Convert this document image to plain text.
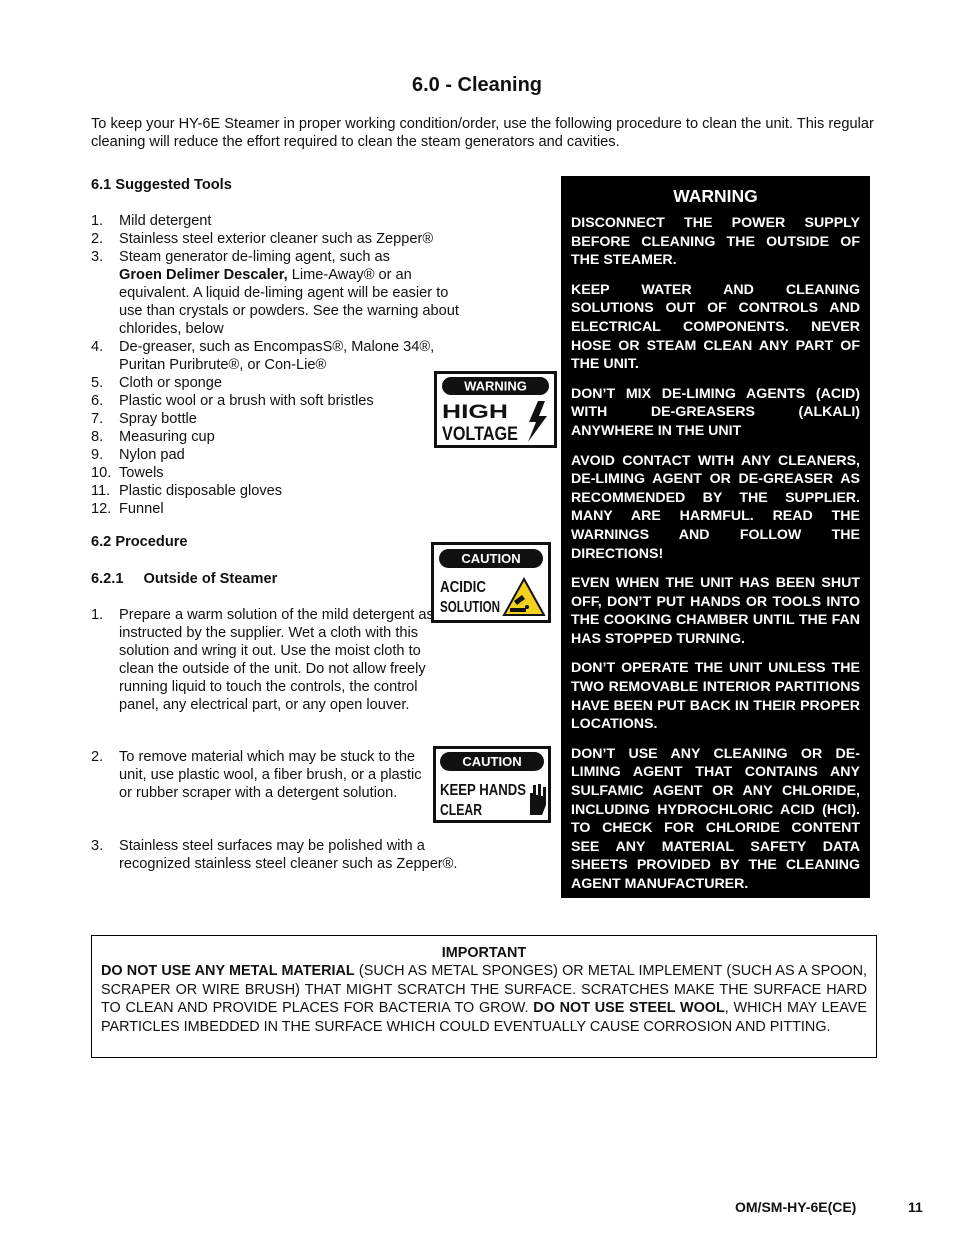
6.0 - Cleaning
To keep your HY-6E Steamer in proper working condition/order, use the following procedure to clean the unit. This regular cleaning will reduce the effort required to clean the steam generators and cavities.
6.1 Suggested Tools
1. Mild detergent
2. Stainless steel exterior cleaner such as Zepper®
3. Steam generator de-liming agent, such as
Groen Delimer Descaler, Lime-Away® or an equivalent. A liquid de-liming agent will be easier to use than crystals or powders. See the warning about chlorides, below
4. De-greaser, such as EncompasS®, Malone 34®, Puritan Puribrute®, or Con-Lie®
5. Cloth or sponge
6. Plastic wool or a brush with soft bristles
7. Spray bottle
8. Measuring cup
9. Nylon pad
10. Towels
11. Plastic disposable gloves
12. Funnel
WARNING
HIGH
VOLTAGE
6.2 Procedure
6.2.1 Outside of Steamer
CAUTION
ACIDIC
SOLUTION
1. Prepare a warm solution of the mild detergent as instructed by the supplier. Wet a cloth with this solution and wring it out. Use the moist cloth to clean the outside of the unit. Do not allow freely running liquid to touch the controls, the control panel, any electrical part, or any open louver.
2. To remove material which may be stuck to the unit, use plastic wool, a fiber brush, or a plastic or rubber scraper with a detergent solution.
3. Stainless steel surfaces may be polished with a recognized stainless steel cleaner such as Zepper®.
CAUTION
KEEP HANDS
CLEAR
WARNING

DISCONNECT THE POWER SUPPLY BEFORE CLEANING THE OUTSIDE OF THE STEAMER.

KEEP WATER AND CLEANING SOLUTIONS OUT OF CONTROLS AND ELECTRICAL COMPONENTS. NEVER HOSE OR STEAM CLEAN ANY PART OF THE UNIT.

DON’T MIX DE-LIMING AGENTS (ACID) WITH DE-GREASERS (ALKALI) ANYWHERE IN THE UNIT

AVOID CONTACT WITH ANY CLEANERS, DE-LIMING AGENT OR DE-GREASER AS RECOMMENDED BY THE SUPPLIER. MANY ARE HARMFUL. READ THE WARNINGS AND FOLLOW THE DIRECTIONS!

EVEN WHEN THE UNIT HAS BEEN SHUT OFF, DON’T PUT HANDS OR TOOLS INTO THE COOKING CHAMBER UNTIL THE FAN HAS STOPPED TURNING.

DON’T OPERATE THE UNIT UNLESS THE TWO REMOVABLE INTERIOR PARTITIONS HAVE BEEN PUT BACK IN THEIR PROPER LOCATIONS.

DON’T USE ANY CLEANING OR DE-LIMING AGENT THAT CONTAINS ANY SULFAMIC AGENT OR ANY CHLORIDE, INCLUDING HYDROCHLORIC ACID (HCl). TO CHECK FOR CHLORIDE CONTENT SEE ANY MATERIAL SAFETY DATA SHEETS PROVIDED BY THE CLEANING AGENT MANUFACTURER.

IMPORTANT
DO NOT USE ANY METAL MATERIAL (SUCH AS METAL SPONGES) OR METAL IMPLEMENT (SUCH AS A SPOON, SCRAPER OR WIRE BRUSH) THAT MIGHT SCRATCH THE SURFACE. SCRATCHES MAKE THE SURFACE HARD TO CLEAN AND PROVIDE PLACES FOR BACTERIA TO GROW. DO NOT USE STEEL WOOL, WHICH MAY LEAVE PARTICLES IMBEDDED IN THE SURFACE WHICH COULD EVENTUALLY CAUSE CORROSION AND PITTING.
OM/SM-HY-6E(CE)	11
